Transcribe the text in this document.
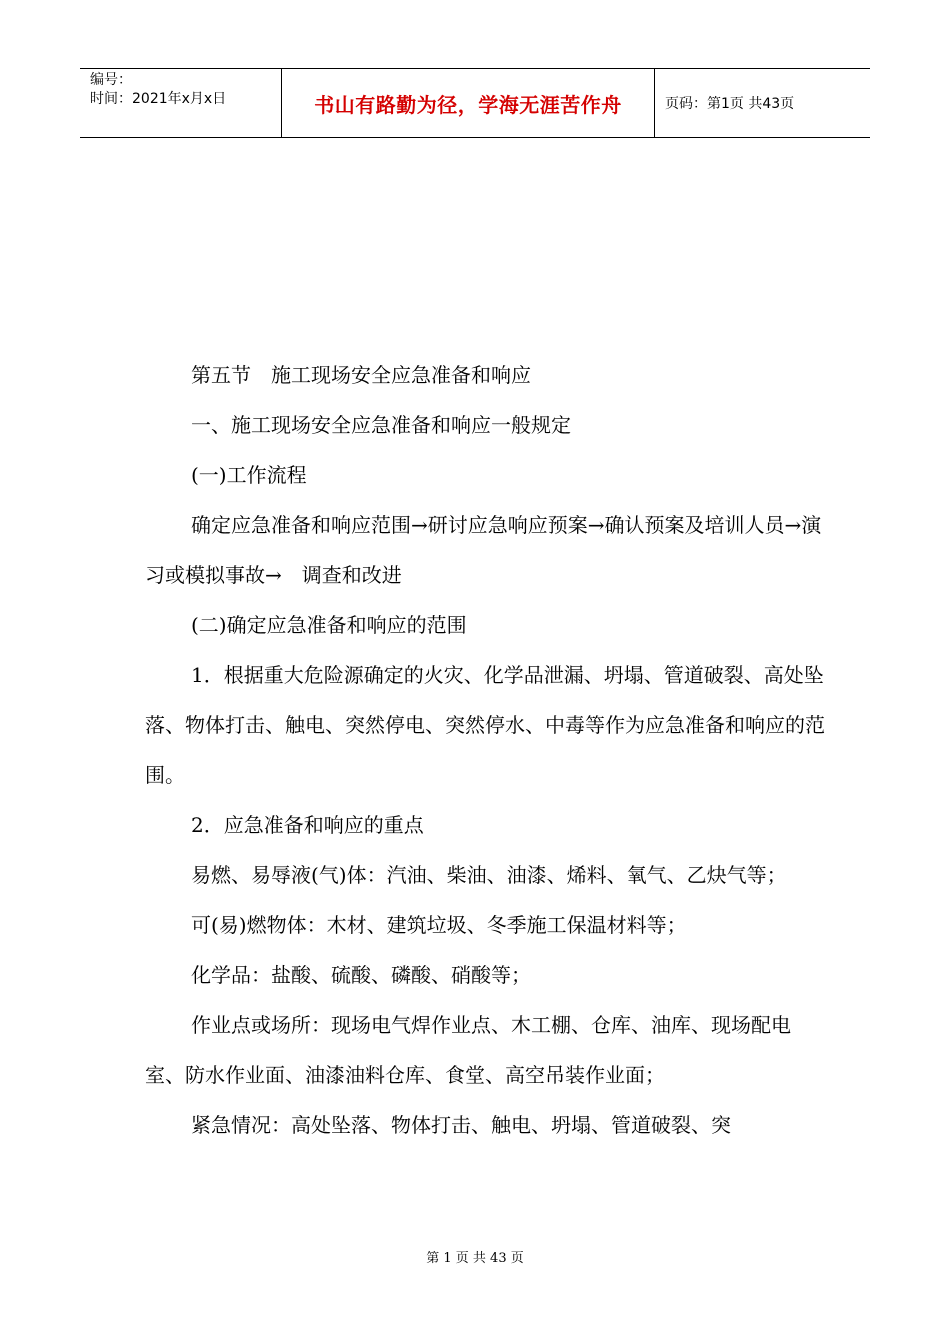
编号：
时间：2021年x月x日	书山有路勤为径，学海无涯苦作舟	页码：第1页 共43页

第五节　施工现场安全应急准备和响应

一、施工现场安全应急准备和响应一般规定

(一)工作流程

确定应急准备和响应范围→研讨应急响应预案→确认预案及培训人员→演习或模拟事故→　调查和改进

(二)确定应急准备和响应的范围

1．根据重大危险源确定的火灾、化学品泄漏、坍塌、管道破裂、高处坠落、物体打击、触电、突然停电、突然停水、中毒等作为应急准备和响应的范围。

2．应急准备和响应的重点

易燃、易辱液(气)体：汽油、柴油、油漆、烯料、氧气、乙炔气等；

可(易)燃物体：木材、建筑垃圾、冬季施工保温材料等；

化学品：盐酸、硫酸、磷酸、硝酸等；

作业点或场所：现场电气焊作业点、木工棚、仓库、油库、现场配电室、防水作业面、油漆油料仓库、食堂、高空吊装作业面；

紧急情况：高处坠落、物体打击、触电、坍塌、管道破裂、突

第 1 页 共 43 页
